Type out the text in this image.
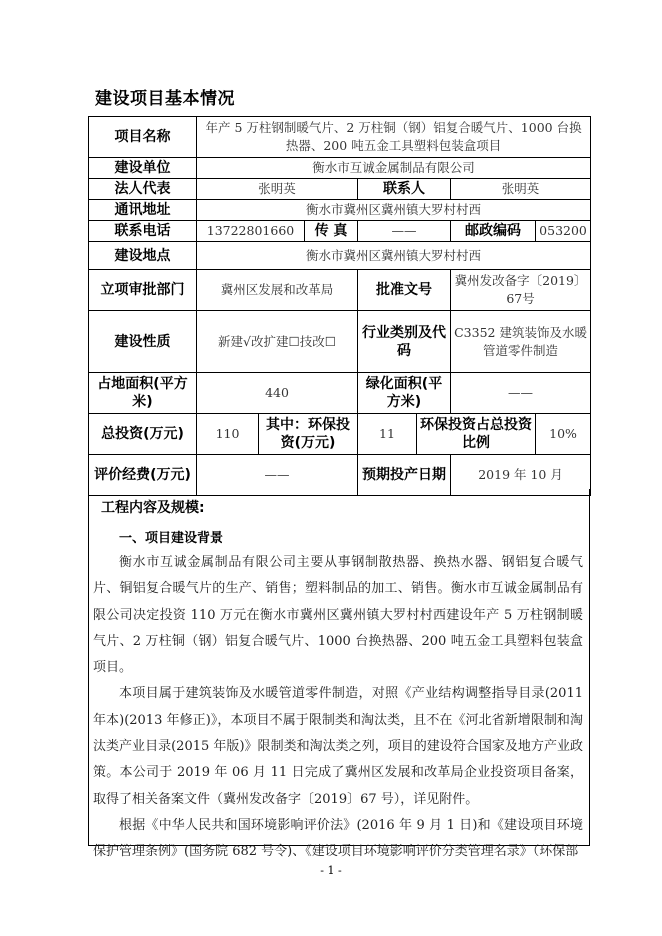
建设项目基本情况
项目名称	年产 5 万柱钢制暖气片、2 万柱铜（钢）铝复合暖气片、1000 台换热器、200 吨五金工具塑料包装盒项目						
建设单位	衡水市互诚金属制品有限公司						
法人代表	张明英			联系人		张明英	
通讯地址	衡水市冀州区冀州镇大罗村村西						
联系电话	13722801660		传 真	——		邮政编码	053200
建设地点	衡水市冀州区冀州镇大罗村村西						
立项审批部门	冀州区发展和改革局			批准文号		冀州发改备字〔2019〕67号	
建设性质	新建√改扩建☐技改☐			行业类别及代码		C3352 建筑装饰及水暖管道零件制造	
占地面积(平方米)	440			绿化面积(平方米)		——	
总投资(万元)	110	其中：环保投资(万元)		11	环保投资占总投资比例		10%
评价经费(万元)	——			预期投产日期		2019 年 10 月	
工程内容及规模:
一、项目建设背景

衡水市互诚金属制品有限公司主要从事钢制散热器、换热水器、钢铝复合暖气片、铜铝复合暖气片的生产、销售；塑料制品的加工、销售。衡水市互诚金属制品有限公司决定投资 110 万元在衡水市冀州区冀州镇大罗村村西建设年产 5 万柱钢制暖气片、2 万柱铜（钢）铝复合暖气片、1000 台换热器、200 吨五金工具塑料包装盒项目。

本项目属于建筑装饰及水暖管道零件制造，对照《产业结构调整指导目录(2011 年本)(2013 年修正)》，本项目不属于限制类和淘汰类，且不在《河北省新增限制和淘汰类产业目录(2015 年版)》限制类和淘汰类之列，项目的建设符合国家及地方产业政策。本公司于 2019 年 06 月 11 日完成了冀州区发展和改革局企业投资项目备案，取得了相关备案文件（冀州发改备字〔2019〕67 号），详见附件。

根据《中华人民共和国环境影响评价法》(2016 年 9 月 1 日)和《建设项目环境保护管理条例》(国务院 682 号令)、《建设项目环境影响评价分类管理名录》（环保部

- 1 -
